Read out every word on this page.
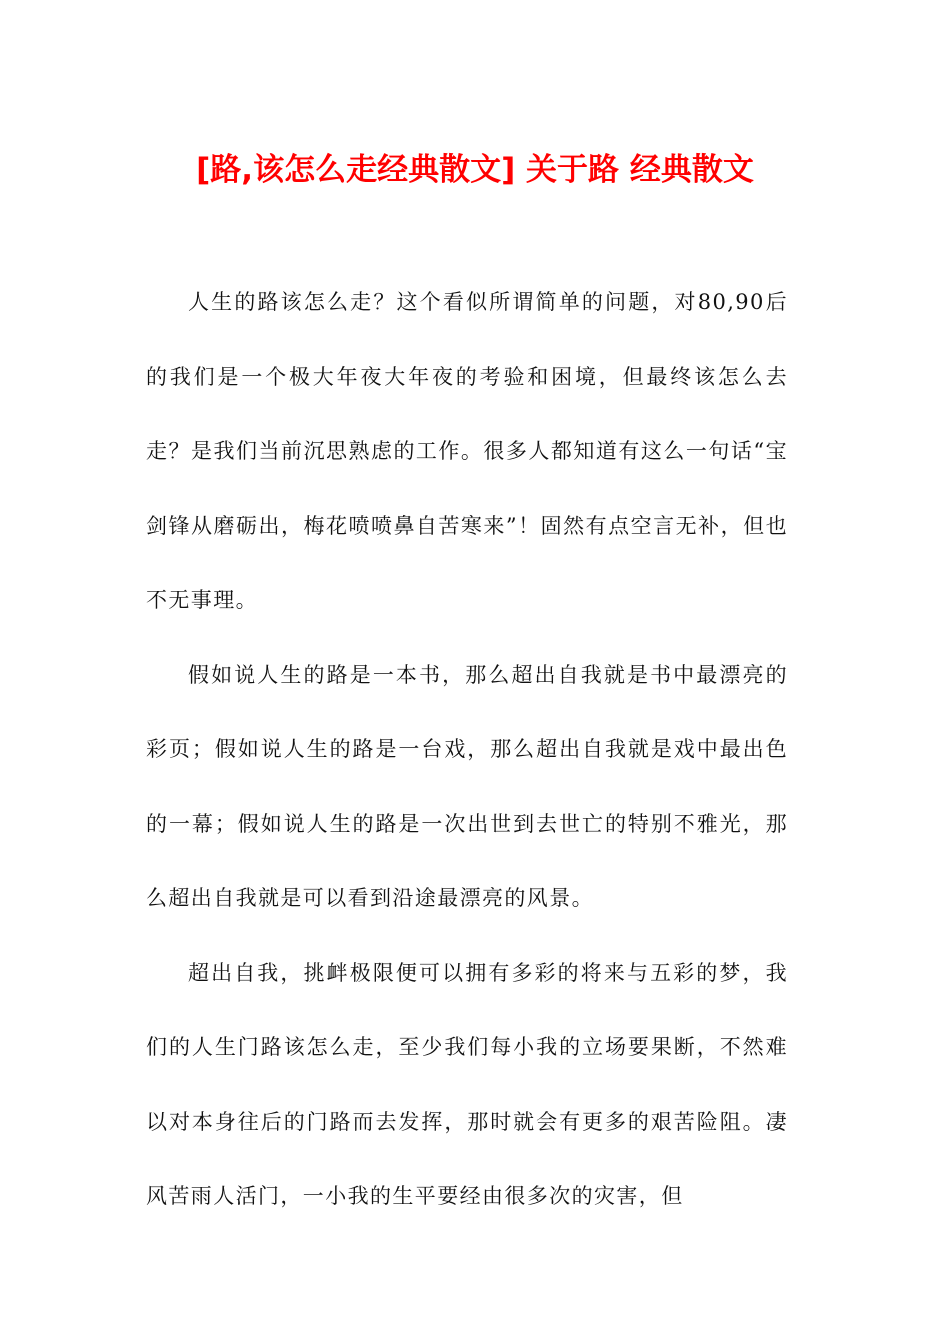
[路,该怎么走经典散文] 关于路 经典散文

人生的路该怎么走？这个看似所谓简单的问题，对80,90后的我们是一个极大年夜大年夜的考验和困境，但最终该怎么去走？是我们当前沉思熟虑的工作。很多人都知道有这么一句话“宝剑锋从磨砺出，梅花喷喷鼻自苦寒来”！固然有点空言无补，但也不无事理。

假如说人生的路是一本书，那么超出自我就是书中最漂亮的彩页；假如说人生的路是一台戏，那么超出自我就是戏中最出色的一幕；假如说人生的路是一次出世到去世亡的特别不雅光，那么超出自我就是可以看到沿途最漂亮的风景。

超出自我，挑衅极限便可以拥有多彩的将来与五彩的梦，我们的人生门路该怎么走，至少我们每小我的立场要果断，不然难以对本身往后的门路而去发挥，那时就会有更多的艰苦险阻。凄风苦雨人活门，一小我的生平要经由很多次的灾害，但
